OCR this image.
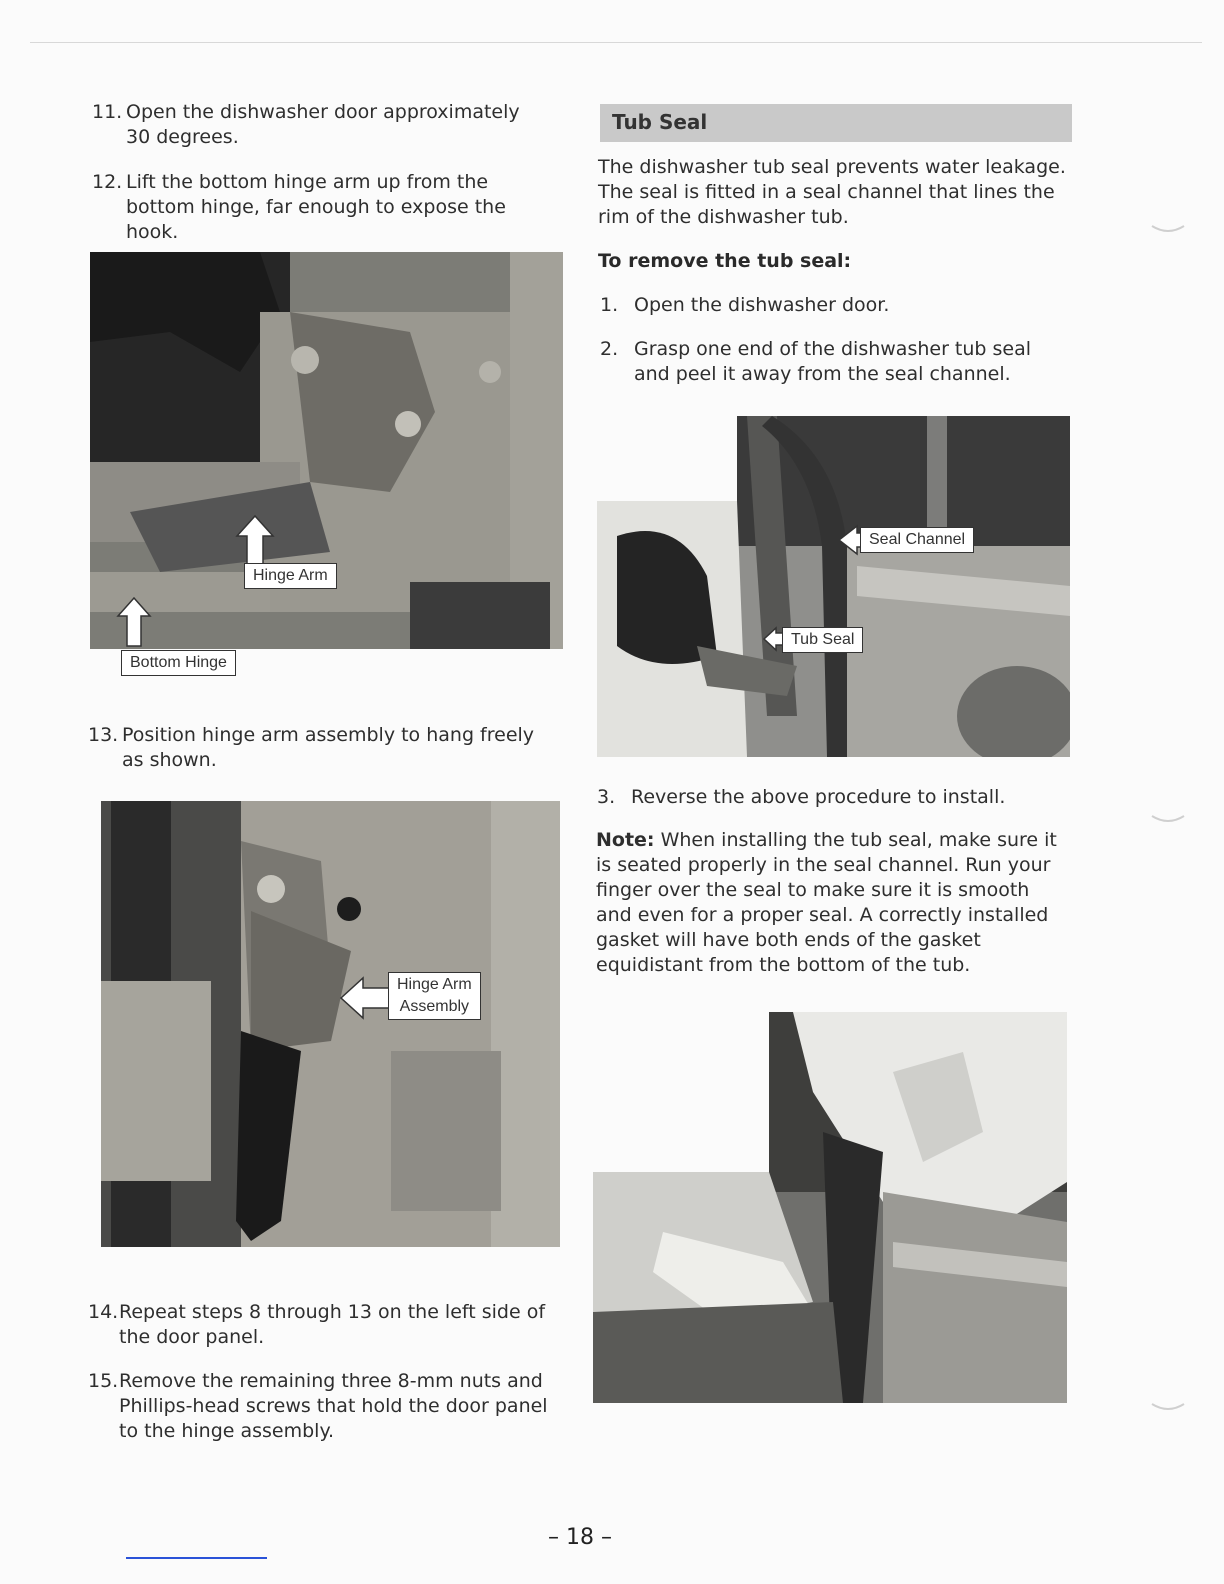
11. Open the dishwasher door approximately 30 degrees.
12. Lift the bottom hinge arm up from the bottom hinge, far enough to expose the hook.
Hinge Arm
Bottom Hinge
13. Position hinge arm assembly to hang freely as shown.
Hinge Arm
Assembly
14. Repeat steps 8 through 13 on the left side of the door panel.
15. Remove the remaining three 8-mm nuts and Phillips-head screws that hold the door panel to the hinge assembly.
Tub Seal
The dishwasher tub seal prevents water leakage. The seal is fitted in a seal channel that lines the rim of the dishwasher tub.
To remove the tub seal:
1. Open the dishwasher door.
2. Grasp one end of the dishwasher tub seal and peel it away from the seal channel.
Seal Channel
Tub Seal
3. Reverse the above procedure to install.
Note: When installing the tub seal, make sure it is seated properly in the seal channel. Run your finger over the seal to make sure it is smooth and even for a proper seal. A correctly installed gasket will have both ends of the gasket equidistant from the bottom of the tub.
– 18 –
